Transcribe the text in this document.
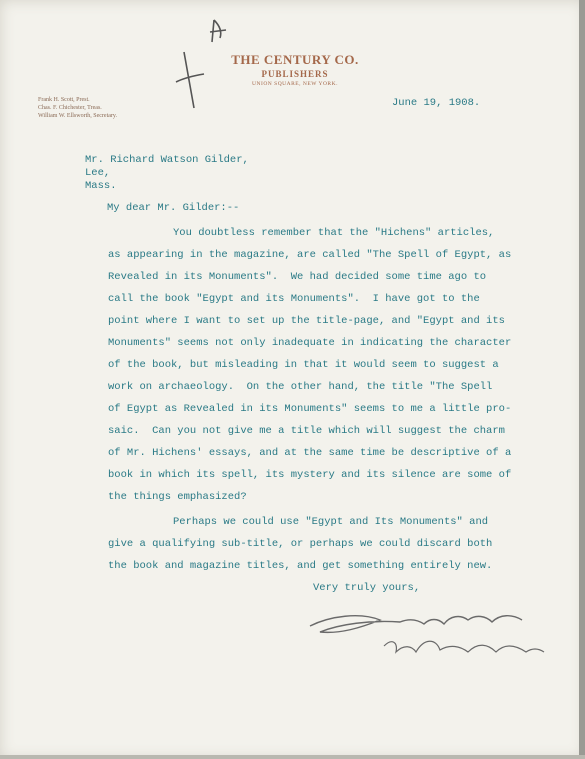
THE CENTURY CO.
PUBLISHERS
UNION SQUARE, NEW YORK.
Frank H. Scott, Prest.
Chas. F. Chichester, Treas.
William W. Ellsworth, Secretary.
June 19, 1908.
Mr. Richard Watson Gilder,
Lee,
Mass.
My dear Mr. Gilder:--
You doubtless remember that the "Hichens" articles,
as appearing in the magazine, are called "The Spell of Egypt, as
Revealed in its Monuments".  We had decided some time ago to
call the book "Egypt and its Monuments".  I have got to the
point where I want to set up the title-page, and "Egypt and its
Monuments" seems not only inadequate in indicating the character
of the book, but misleading in that it would seem to suggest a
work on archaeology.  On the other hand, the title "The Spell
of Egypt as Revealed in its Monuments" seems to me a little pro-
saic.  Can you not give me a title which will suggest the charm
of Mr. Hichens' essays, and at the same time be descriptive of a
book in which its spell, its mystery and its silence are some of
the things emphasized?
Perhaps we could use "Egypt and Its Monuments" and
give a qualifying sub-title, or perhaps we could discard both
the book and magazine titles, and get something entirely new.
Very truly yours,
